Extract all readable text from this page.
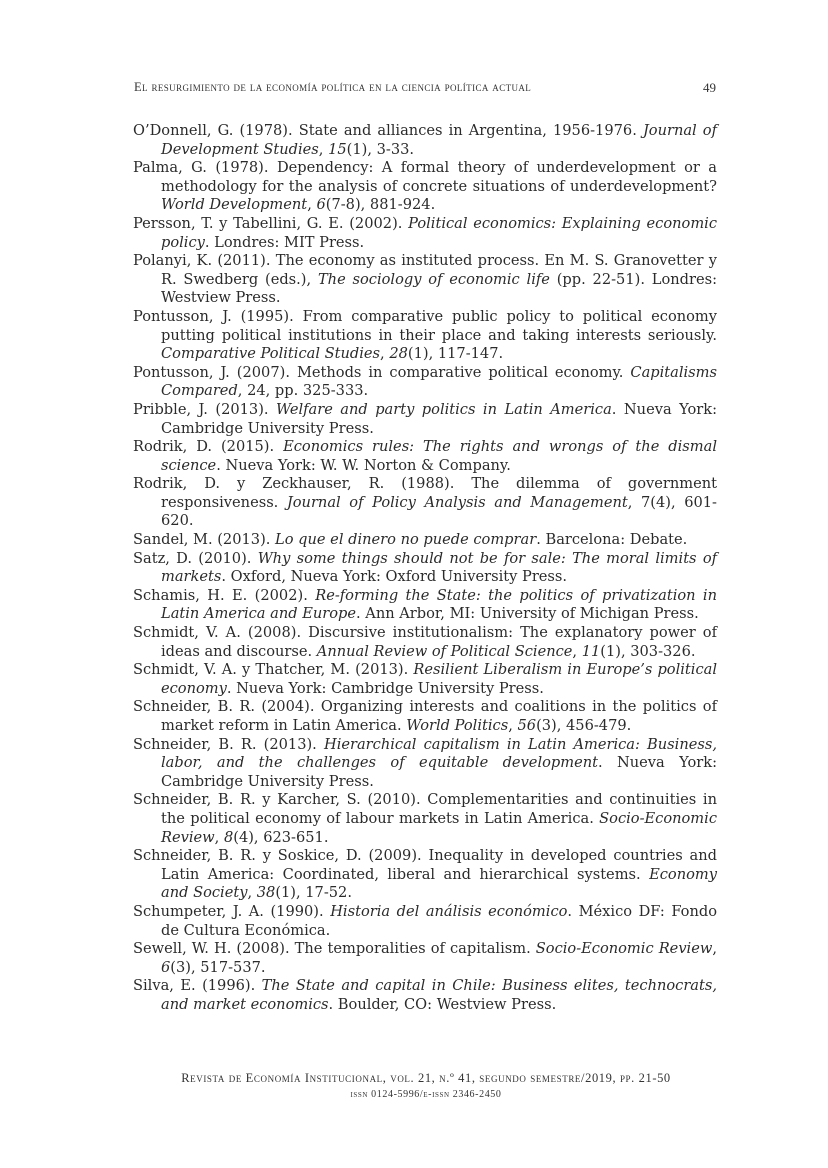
El resurgimiento de la economía política en la ciencia política actual	49
O’Donnell, G. (1978). State and alliances in Argentina, 1956-1976. Journal of Development Studies, 15(1), 3-33.
Palma, G. (1978). Dependency: A formal theory of underdevelopment or a methodology for the analysis of concrete situations of underdevelopment? World Development, 6(7-8), 881-924.
Persson, T. y Tabellini, G. E. (2002). Political economics: Explaining economic policy. Londres: MIT Press.
Polanyi, K. (2011). The economy as instituted process. En M. S. Granovetter y R. Swedberg (eds.), The sociology of economic life (pp. 22-51). Londres: Westview Press.
Pontusson, J. (1995). From comparative public policy to political economy putting political institutions in their place and taking interests seriously. Comparative Political Studies, 28(1), 117-147.
Pontusson, J. (2007). Methods in comparative political economy. Capitalisms Compared, 24, pp. 325-333.
Pribble, J. (2013). Welfare and party politics in Latin America. Nueva York: Cambridge University Press.
Rodrik, D. (2015). Economics rules: The rights and wrongs of the dismal science. Nueva York: W. W. Norton & Company.
Rodrik, D. y Zeckhauser, R. (1988). The dilemma of government responsiveness. Journal of Policy Analysis and Management, 7(4), 601-620.
Sandel, M. (2013). Lo que el dinero no puede comprar. Barcelona: Debate.
Satz, D. (2010). Why some things should not be for sale: The moral limits of markets. Oxford, Nueva York: Oxford University Press.
Schamis, H. E. (2002). Re-forming the State: the politics of privatization in Latin America and Europe. Ann Arbor, MI: University of Michigan Press.
Schmidt, V. A. (2008). Discursive institutionalism: The explanatory power of ideas and discourse. Annual Review of Political Science, 11(1), 303-326.
Schmidt, V. A. y Thatcher, M. (2013). Resilient Liberalism in Europe’s political economy. Nueva York: Cambridge University Press.
Schneider, B. R. (2004). Organizing interests and coalitions in the politics of market reform in Latin America. World Politics, 56(3), 456-479.
Schneider, B. R. (2013). Hierarchical capitalism in Latin America: Business, labor, and the challenges of equitable development. Nueva York: Cambridge University Press.
Schneider, B. R. y Karcher, S. (2010). Complementarities and continuities in the political economy of labour markets in Latin America. Socio-Economic Review, 8(4), 623-651.
Schneider, B. R. y Soskice, D. (2009). Inequality in developed countries and Latin America: Coordinated, liberal and hierarchical systems. Economy and Society, 38(1), 17-52.
Schumpeter, J. A. (1990). Historia del análisis económico. México DF: Fondo de Cultura Económica.
Sewell, W. H. (2008). The temporalities of capitalism. Socio-Economic Review, 6(3), 517-537.
Silva, E. (1996). The State and capital in Chile: Business elites, technocrats, and market economics. Boulder, CO: Westview Press.
Revista de Economía Institucional, vol. 21, n.º 41, segundo semestre/2019, pp. 21-50
issn 0124-5996/e-issn 2346-2450
